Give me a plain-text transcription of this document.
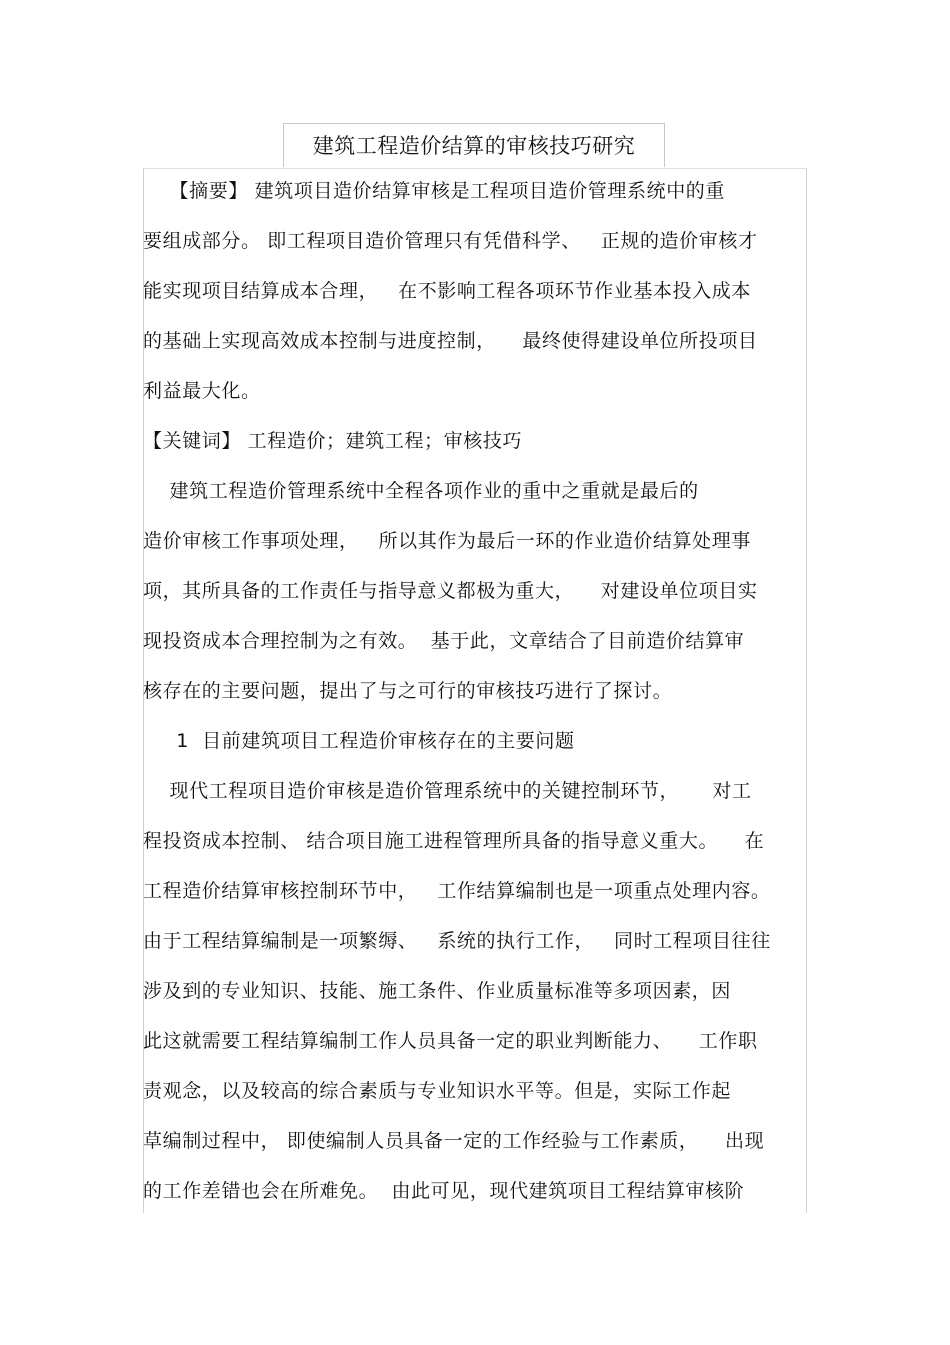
建筑工程造价结算的审核技巧研究
【摘要】 建筑项目造价结算审核是工程项目造价管理系统中的重
要组成部分。 即工程项目造价管理只有凭借科学、   正规的造价审核才
能实现项目结算成本合理，   在不影响工程各项环节作业基本投入成本
的基础上实现高效成本控制与进度控制，    最终使得建设单位所投项目
利益最大化。
【关键词】 工程造价；建筑工程；审核技巧
建筑工程造价管理系统中全程各项作业的重中之重就是最后的
造价审核工作事项处理，   所以其作为最后一环的作业造价结算处理事
项，其所具备的工作责任与指导意义都极为重大，    对建设单位项目实
现投资成本合理控制为之有效。  基于此，文章结合了目前造价结算审
核存在的主要问题，提出了与之可行的审核技巧进行了探讨。
1  目前建筑项目工程造价审核存在的主要问题
现代工程项目造价审核是造价管理系统中的关键控制环节，     对工
程投资成本控制、 结合项目施工进程管理所具备的指导意义重大。    在
工程造价结算审核控制环节中，   工作结算编制也是一项重点处理内容。
由于工程结算编制是一项繁缛、   系统的执行工作，   同时工程项目往往
涉及到的专业知识、技能、施工条件、作业质量标准等多项因素，因
此这就需要工程结算编制工作人员具备一定的职业判断能力、    工作职
责观念，以及较高的综合素质与专业知识水平等。但是，实际工作起
草编制过程中， 即使编制人员具备一定的工作经验与工作素质，    出现
的工作差错也会在所难免。  由此可见，现代建筑项目工程结算审核阶
